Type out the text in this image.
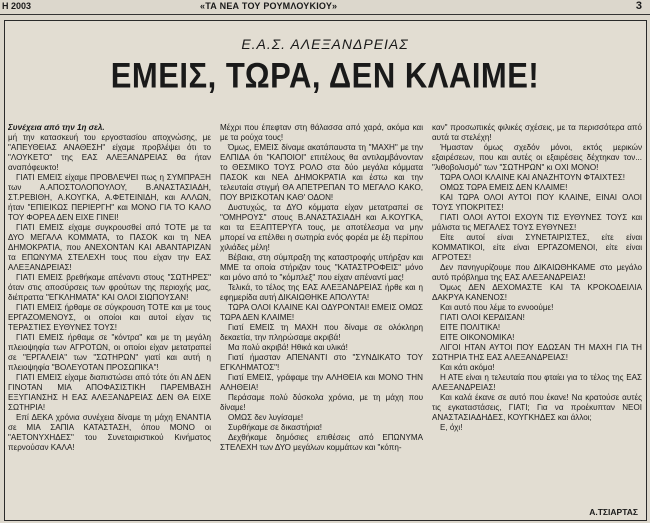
Η 2003	«ΤΑ ΝΕΑ ΤΟΥ ΡΟΥΜΛΟΥΚΙΟΥ»	3
Ε.Α.Σ. ΑΛΕΞΑΝΔΡΕΙΑΣ
ΕΜΕΙΣ, ΤΩΡΑ, ΔΕΝ ΚΛΑΙΜΕ!

Συνέχεια από την 1η σελ.

μή την κατασκευή του εργοστασίου αποχνώσης, με "ΑΠΕΥΘΕΙΑΣ ΑΝΑΘΕΣΗ" είχαμε προβλέψει ότι το "ΛΟΥΚΕΤΟ" της ΕΑΣ ΑΛΕΞΑΝΔΡΕΙΑΣ θα ήταν αναπόφευκτο!

ΓΙΑΤΙ ΕΜΕΙΣ είχαμε ΠΡΟΒΛΕΨΕΙ πως η ΣΥΜΠΡΑΞΗ των Α.ΑΠΟΣΤΟΛΟΠΟΥΛΟΥ, Β.ΑΝΑΣΤΑΣΙΑΔΗ, ΣΤ.ΡΕΒΙΘΗ, Α.ΚΟΥΓΚΑ, Α.ΦΕΤΕΙΝΙΔΗ, και ΑΛΛΩΝ, ήταν "ΕΠΙΕΙΚΩΣ ΠΕΡΙΕΡΓΗ" και ΜΟΝΟ ΓΙΑ ΤΟ ΚΑΛΟ ΤΟΥ ΦΟΡΕΑ ΔΕΝ ΕΙΧΕ ΓΙΝΕΙ!

ΓΙΑΤΙ ΕΜΕΙΣ είχαμε συγκρουσθεί από ΤΟΤΕ με τα ΔΥΟ ΜΕΓΑΛΑ ΚΟΜΜΑΤΑ, το ΠΑΣΟΚ και τη ΝΕΑ ΔΗΜΟΚΡΑΤΙΑ, που ΑΝΕΧΟΝΤΑΝ ΚΑΙ ΑΒΑΝΤΑΡΙΖΑΝ τα ΕΠΩΝΥΜΑ ΣΤΕΛΕΧΗ τους που είχαν την ΕΑΣ ΑΛΕΞΑΝΔΡΕΙΑΣ!

ΓΙΑΤΙ ΕΜΕΙΣ βρεθήκαμε απέναντι στους "ΣΩΤΗΡΕΣ" όταν στις αποσύρσεις των φρούτων της περιοχής μας, διέπραττα "ΕΓΚΛΗΜΑΤΑ" ΚΑΙ ΟΛΟΙ ΣΙΩΠΟΥΣΑΝ!

ΓΙΑΤΙ ΕΜΕΙΣ ήρθαμε σε σύγκρουση ΤΟΤΕ και με τους ΕΡΓΑΖΟΜΕΝΟΥΣ, οι οποίοι και αυτοί είχαν τις ΤΕΡΑΣΤΙΕΣ ΕΥΘΥΝΕΣ ΤΟΥΣ!

ΓΙΑΤΙ ΕΜΕΙΣ ήρθαμε σε "κόντρα" και με τη μεγάλη πλειοψηφία των ΑΓΡΟΤΩΝ, οι οποίοι είχαν μετατραπεί σε "ΕΡΓΑΛΕΙΑ" των "ΣΩΤΗΡΩΝ" γιατί και αυτή η πλειοψηφία "ΒΟΛΕΥΟΤΑΝ ΠΡΟΣΩΠΙΚΑ"!

ΓΙΑΤΙ ΕΜΕΙΣ είχαμε διαπιστώσει από τότε ότι ΑΝ ΔΕΝ ΓΙΝΟΤΑΝ ΜΙΑ ΑΠΟΦΑΣΙΣΤΙΚΗ ΠΑΡΕΜΒΑΣΗ ΕΞΥΓΙΑΝΣΗΣ Η ΕΑΣ ΑΛΕΞΑΝΔΡΕΙΑΣ ΔΕΝ ΘΑ ΕΙΧΕ ΣΩΤΗΡΙΑ!

Επί ΔΕΚΑ χρόνια συνέχεια δίναμε τη μάχη ΕΝΑΝΤΙΑ σε ΜΙΑ ΣΑΠΙΑ ΚΑΤΑΣΤΑΣΗ, όπου ΜΟΝΟ οι "ΑΕΤΟΝΥΧΗΔΕΣ" του Συνεταιριστικού Κινήματος περνούσαν ΚΑΛΑ!

Μέχρι που έπεφταν στη θάλασσα από χαρά, ακόμα και με τα ρούχα τους!

Όμως, ΕΜΕΙΣ δίναμε ακατάπαυστα τη "ΜΑΧΗ" με την ΕΛΠΙΔΑ ότι "ΚΑΠΟΙΟΙ" επιτέλους θα αντιλαμβάνονταν το ΘΕΣΜΙΚΟ ΤΟΥΣ ΡΟΛΟ στα δύο μεγάλα κόμματα ΠΑΣΟΚ και ΝΕΑ ΔΗΜΟΚΡΑΤΙΑ και έστω και την τελευταία στιγμή ΘΑ ΑΠΕΤΡΕΠΑΝ ΤΟ ΜΕΓΑΛΟ ΚΑΚΟ, ΠΟΥ ΒΡΙΣΚΟΤΑΝ ΚΑΘ' ΟΔΟΝ!

Δυστυχώς, τα ΔΥΟ κόμματα είχαν μετατραπεί σε "ΟΜΗΡΟΥΣ" στους Β.ΑΝΑΣΤΑΣΙΑΔΗ και Α.ΚΟΥΓΚΑ, και τα ΕΞΑΠΤΕΡΥΓΑ τους, με αποτέλεσμα να μην μπορεί να επέλθει η σωτηρία ενός φορέα με έξι περίπου χιλιάδες μέλη!

Βέβαια, στη σύμπραξη της καταστροφής υπήρξαν και ΜΜΕ τα οποία στήριζαν τους "ΚΑΤΑΣΤΡΟΦΕΙΣ" μόνο και μόνο από το "κόμπλεξ" που είχαν απέναντί μας!

Τελικά, το τέλος της ΕΑΣ ΑΛΕΞΑΝΔΡΕΙΑΣ ήρθε και η εφημερίδα αυτή ΔΙΚΑΙΩΘΗΚΕ ΑΠΟΛΥΤΑ!

ΤΩΡΑ ΟΛΟΙ ΚΛΑΙΝΕ ΚΑΙ ΟΔΥΡΟΝΤΑΙ! ΕΜΕΙΣ ΟΜΩΣ ΤΩΡΑ ΔΕΝ ΚΛΑΙΜΕ!

Γιατί ΕΜΕΙΣ τη ΜΑΧΗ που δίναμε σε ολόκληρη δεκαετία, την πληρώσαμε ακριβά!

Μα πολύ ακριβά! Ηθικά και υλικά!

Γιατί ήμασταν ΑΠΕΝΑΝΤΙ στο "ΣΥΝΔΙΚΑΤΟ ΤΟΥ ΕΓΚΛΗΜΑΤΟΣ"!

Γιατί ΕΜΕΙΣ, γράφαμε την ΑΛΗΘΕΙΑ και ΜΟΝΟ ΤΗΝ ΑΛΗΘΕΙΑ!

Περάσαμε πολύ δύσκολα χρόνια, με τη μάχη που δίναμε!

ΟΜΩΣ δεν λυγίσαμε!

Συρθήκαμε σε δικαστήρια!

Δεχθήκαμε δημόσιες επιθέσεις από ΕΠΩΝΥΜΑ ΣΤΕΛΕΧΗ των ΔΥΟ μεγάλων κομμάτων και "κόπη-

καν" προσωπικές φιλικές σχέσεις, με τα περισσότερα από αυτά τα στελέχη!

Ήμασταν όμως σχεδόν μόνοι, εκτός μερικών εξαιρέσεων, που και αυτές οι εξαιρέσεις δέχτηκαν τον... "λιθοβολισμό" των "ΣΩΤΗΡΩΝ" κι ΟΧΙ ΜΟΝΟ!

ΤΩΡΑ ΟΛΟΙ ΚΛΑΙΝΕ ΚΑΙ ΑΝΑΖΗΤΟΥΝ ΦΤΑΙΧΤΕΣ!

ΟΜΩΣ ΤΩΡΑ ΕΜΕΙΣ ΔΕΝ ΚΛΑΙΜΕ!

ΚΑΙ ΤΩΡΑ ΟΛΟΙ ΑΥΤΟΙ ΠΟΥ ΚΛΑΙΝΕ, ΕΙΝΑΙ ΟΛΟΙ ΤΟΥΣ ΥΠΟΚΡΙΤΕΣ!

ΓΙΑΤΙ ΟΛΟΙ ΑΥΤΟΙ ΕΧΟΥΝ ΤΙΣ ΕΥΘΥΝΕΣ ΤΟΥΣ και μάλιστα τις ΜΕΓΑΛΕΣ ΤΟΥΣ ΕΥΘΥΝΕΣ!

Είτε αυτοί είναι ΣΥΝΕΤΑΙΡΙΣΤΕΣ, είτε είναι ΚΟΜΜΑΤΙΚΟΙ, είτε είναι ΕΡΓΑΖΟΜΕΝΟΙ, είτε είναι ΑΓΡΟΤΕΣ!

Δεν πανηγυρίζουμε που ΔΙΚΑΙΩΘΗΚΑΜΕ στο μεγάλο αυτό πρόβλημα της ΕΑΣ ΑΛΕΞΑΝΔΡΕΙΑΣ!

Όμως ΔΕΝ ΔΕΧΟΜΑΣΤΕ ΚΑΙ ΤΑ ΚΡΟΚΟΔΕΙΛΙΑ ΔΑΚΡΥΑ ΚΑΝΕΝΟΣ!

Και αυτό που λέμε το εννοούμε!

ΓΙΑΤΙ ΟΛΟΙ ΚΕΡΔΙΣΑΝ!

ΕΙΤΕ ΠΟΛΙΤΙΚΑ!

ΕΙΤΕ ΟΙΚΟΝΟΜΙΚΑ!

ΛΙΓΟΙ ΗΤΑΝ ΑΥΤΟΙ ΠΟΥ ΕΔΩΣΑΝ ΤΗ ΜΑΧΗ ΓΙΑ ΤΗ ΣΩΤΗΡΙΑ ΤΗΣ ΕΑΣ ΑΛΕΞΑΝΔΡΕΙΑΣ!

Και κάτι ακόμα!

Η ΑΤΕ είναι η τελευταία που φταίει για το τέλος της ΕΑΣ ΑΛΕΞΑΝΔΡΕΙΑΣ!

Και καλά έκανε σε αυτό που έκανε! Να κρατούσε αυτές τις εγκαταστάσεις, ΓΙΑΤΙ; Για να προέκυπταν ΝΕΟΙ ΑΝΑΣΤΑΣΙΑΔΗΔΕΣ, ΚΟΥΓΚΗΔΕΣ και άλλοι;

Ε, όχι!

Α.ΤΣΙΑΡΤΑΣ
